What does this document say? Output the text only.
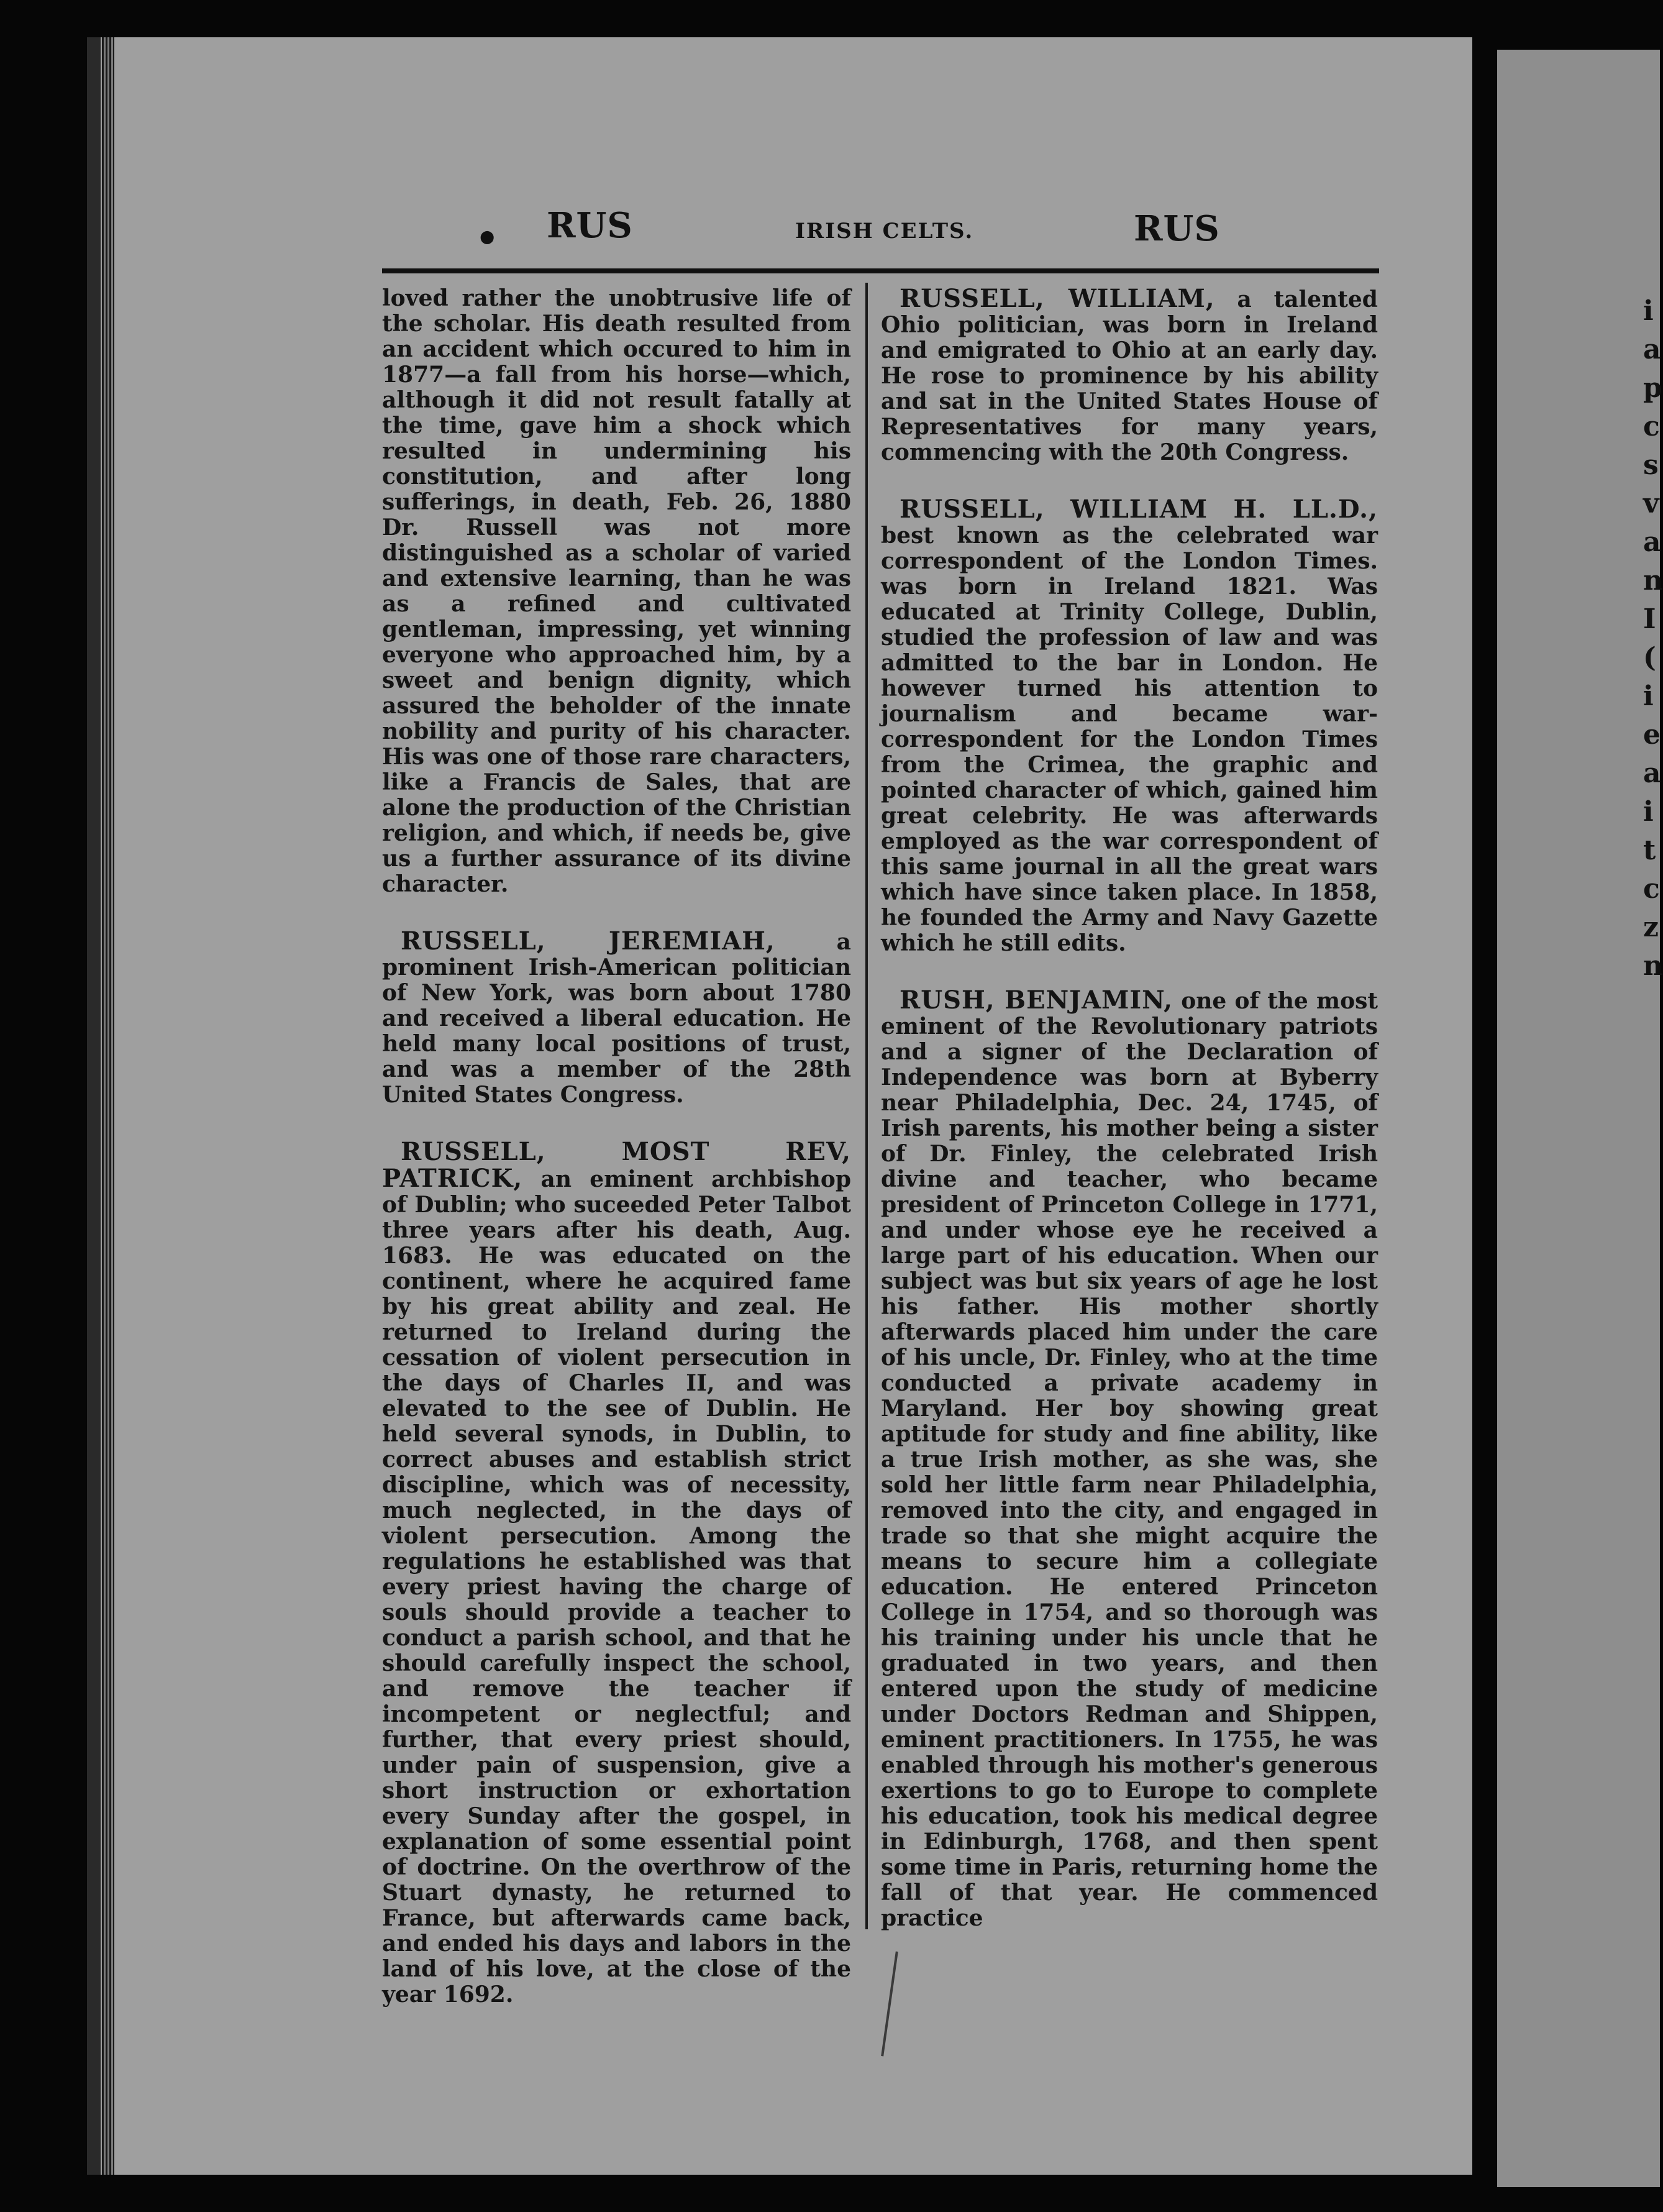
i
a
p
c
s
v
a
n
I
(
i
e
a
i
t
c
z
n
• RUS	IRISH CELTS.	RUS

loved rather the unobtrusive life of the scholar. His death resulted from an accident which occured to him in 1877—a fall from his horse—which, although it did not result fatally at the time, gave him a shock which resulted in undermining his constitution, and after long sufferings, in death, Feb. 26, 1880 Dr. Russell was not more distinguished as a scholar of varied and extensive learning, than he was as a refined and cultivated gentleman, impressing, yet winning everyone who approached him, by a sweet and benign dignity, which assured the beholder of the innate nobility and purity of his character. His was one of those rare characters, like a Francis de Sales, that are alone the production of the Christian religion, and which, if needs be, give us a further assurance of its divine character.

RUSSELL, JEREMIAH, a prominent Irish-American politician of New York, was born about 1780 and received a liberal education. He held many local positions of trust, and was a member of the 28th United States Congress.

RUSSELL, MOST REV, PATRICK, an eminent archbishop of Dublin; who suceeded Peter Talbot three years after his death, Aug. 1683. He was educated on the continent, where he acquired fame by his great ability and zeal. He returned to Ireland during the cessation of violent persecution in the days of Charles II, and was elevated to the see of Dublin. He held several synods, in Dublin, to correct abuses and establish strict discipline, which was of necessity, much neglected, in the days of violent persecution. Among the regulations he established was that every priest having the charge of souls should provide a teacher to conduct a parish school, and that he should carefully inspect the school, and remove the teacher if incompetent or neglectful; and further, that every priest should, under pain of suspension, give a short instruction or exhortation every Sunday after the gospel, in explanation of some essential point of doctrine. On the overthrow of the Stuart dynasty, he returned to France, but afterwards came back, and ended his days and labors in the land of his love, at the close of the year 1692.

RUSSELL, WILLIAM, a talented Ohio politician, was born in Ireland and emigrated to Ohio at an early day. He rose to prominence by his ability and sat in the United States House of Representatives for many years, commencing with the 20th Congress.

RUSSELL, WILLIAM H. LL.D., best known as the celebrated war correspondent of the London Times. was born in Ireland 1821. Was educated at Trinity College, Dublin, studied the profession of law and was admitted to the bar in London. He however turned his attention to journalism and became war-correspondent for the London Times from the Crimea, the graphic and pointed character of which, gained him great celebrity. He was afterwards employed as the war correspondent of this same journal in all the great wars which have since taken place. In 1858, he founded the Army and Navy Gazette which he still edits.

RUSH, BENJAMIN, one of the most eminent of the Revolutionary patriots and a signer of the Declaration of Independence was born at Byberry near Philadelphia, Dec. 24, 1745, of Irish parents, his mother being a sister of Dr. Finley, the celebrated Irish divine and teacher, who became president of Princeton College in 1771, and under whose eye he received a large part of his education. When our subject was but six years of age he lost his father. His mother shortly afterwards placed him under the care of his uncle, Dr. Finley, who at the time conducted a private academy in Maryland. Her boy showing great aptitude for study and fine ability, like a true Irish mother, as she was, she sold her little farm near Philadelphia, removed into the city, and engaged in trade so that she might acquire the means to secure him a collegiate education. He entered Princeton College in 1754, and so thorough was his training under his uncle that he graduated in two years, and then entered upon the study of medicine under Doctors Redman and Shippen, eminent practitioners. In 1755, he was enabled through his mother's generous exertions to go to Europe to complete his education, took his medical degree in Edinburgh, 1768, and then spent some time in Paris, returning home the fall of that year. He commenced practice
